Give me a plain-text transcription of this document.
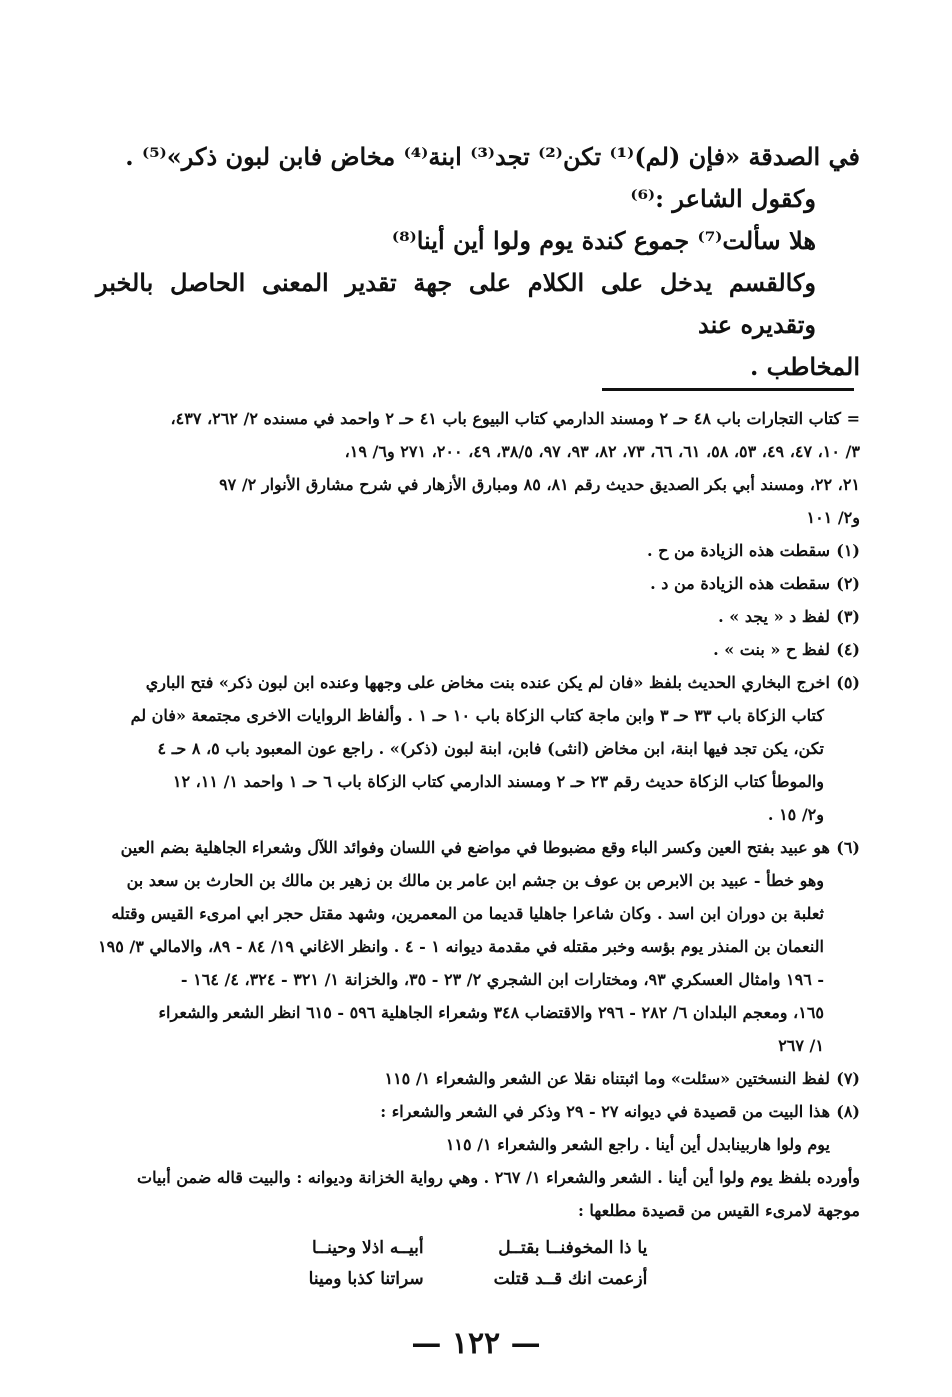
في الصدقة «فإن (لم)⁽¹⁾ تكن⁽²⁾ تجد⁽³⁾ ابنة⁽⁴⁾ مخاض فابن لبون ذكر»⁽⁵⁾ .

وكقول الشاعر :⁽⁶⁾

هلا سألت⁽⁷⁾ جموع كندة يوم ولوا أين أينا⁽⁸⁾

وكالقسم يدخل على الكلام على جهة تقدير المعنى الحاصل بالخبر وتقديره عند

المخاطب .

= كتاب التجارات باب ٤٨ حـ ٢ ومسند الدارمي كتاب البيوع باب ٤١ حـ ٢ واحمد في مسنده ٢/ ٢٦٢، ٤٣٧،

٣/ ١٠، ٤٧، ٤٩، ٥٣، ٥٨، ٦١، ٦٦، ٧٣، ٨٢، ٩٣، ٩٧، ٣٨/٥، ٤٩، ٢٠٠، ٢٧١ و٦/ ١٩،

٢١، ٢٢، ومسند أبي بكر الصديق حديث رقم ٨١، ٨٥ ومبارق الأزهار في شرح مشارق الأنوار ٢/ ٩٧

و٢/ ١٠١

(١)

سقطت هذه الزيادة من ح .

(٢)

سقطت هذه الزيادة من د .

(٣)

لفظ د « يجد » .

(٤)

لفظ ح « بنت » .

(٥)

اخرج البخاري الحديث بلفظ «فان لم يكن عنده بنت مخاض على وجهها وعنده ابن لبون ذكر» فتح الباري

كتاب الزكاة باب ٣٣ حـ ٣ وابن ماجة كتاب الزكاة باب ١٠ حـ ١ . وألفاظ الروايات الاخرى مجتمعة «فان لم

تكن، يكن تجد فيها ابنة، ابن مخاض (انثى) فابن، ابنة لبون (ذكر)» . راجع عون المعبود باب ٥، ٨ حـ ٤

والموطأ كتاب الزكاة حديث رقم ٢٣ حـ ٢ ومسند الدارمي كتاب الزكاة باب ٦ حـ ١ واحمد ١/ ١١، ١٢

و٢/ ١٥ .

(٦)

هو عبيد بفتح العين وكسر الباء وقع مضبوطا في مواضع في اللسان وفوائد اللآل وشعراء الجاهلية بضم العين

وهو خطأ - عبيد بن الابرص بن عوف بن جشم ابن عامر بن مالك بن زهير بن مالك بن الحارث بن سعد بن

ثعلبة بن دوران ابن اسد . وكان شاعرا جاهليا قديما من المعمرين، وشهد مقتل حجر ابي امرىء القيس وقتله

النعمان بن المنذر يوم بؤسه وخبر مقتله في مقدمة ديوانه ١ - ٤ . وانظر الاغاني ١٩/ ٨٤ - ٨٩، والامالي ٣/ ١٩٥

- ١٩٦ وامثال العسكري ٩٣، ومختارات ابن الشجري ٢/ ٢٣ - ٣٥، والخزانة ١/ ٣٢١ - ٣٢٤، ٤/ ١٦٤ -

١٦٥، ومعجم البلدان ٦/ ٢٨٢ - ٢٩٦ والاقتضاب ٣٤٨ وشعراء الجاهلية ٥٩٦ - ٦١٥ انظر الشعر والشعراء

١/ ٢٦٧

(٧)

لفظ النسختين «سئلت» وما اثبتناه نقلا عن الشعر والشعراء ١/ ١١٥

(٨)

هذا البيت من قصيدة في ديوانه ٢٧ - ٢٩ وذكر في الشعر والشعراء :

يوم ولوا هاربينابدل أين أينا . راجع الشعر والشعراء ١/ ١١٥

وأورده بلفظ يوم ولوا أين أينا . الشعر والشعراء ١/ ٢٦٧ . وهي رواية الخزانة وديوانه : والبيت قاله ضمن أبيات

موجهة لامرىء القيس من قصيدة مطلعها :

يا ذا المخوفنــا بقتــل
أزعمت انك قــد قتلت
أبيــه اذلا وحينــا
سراتنا كذبا ومينا
— ١٢٢ —
